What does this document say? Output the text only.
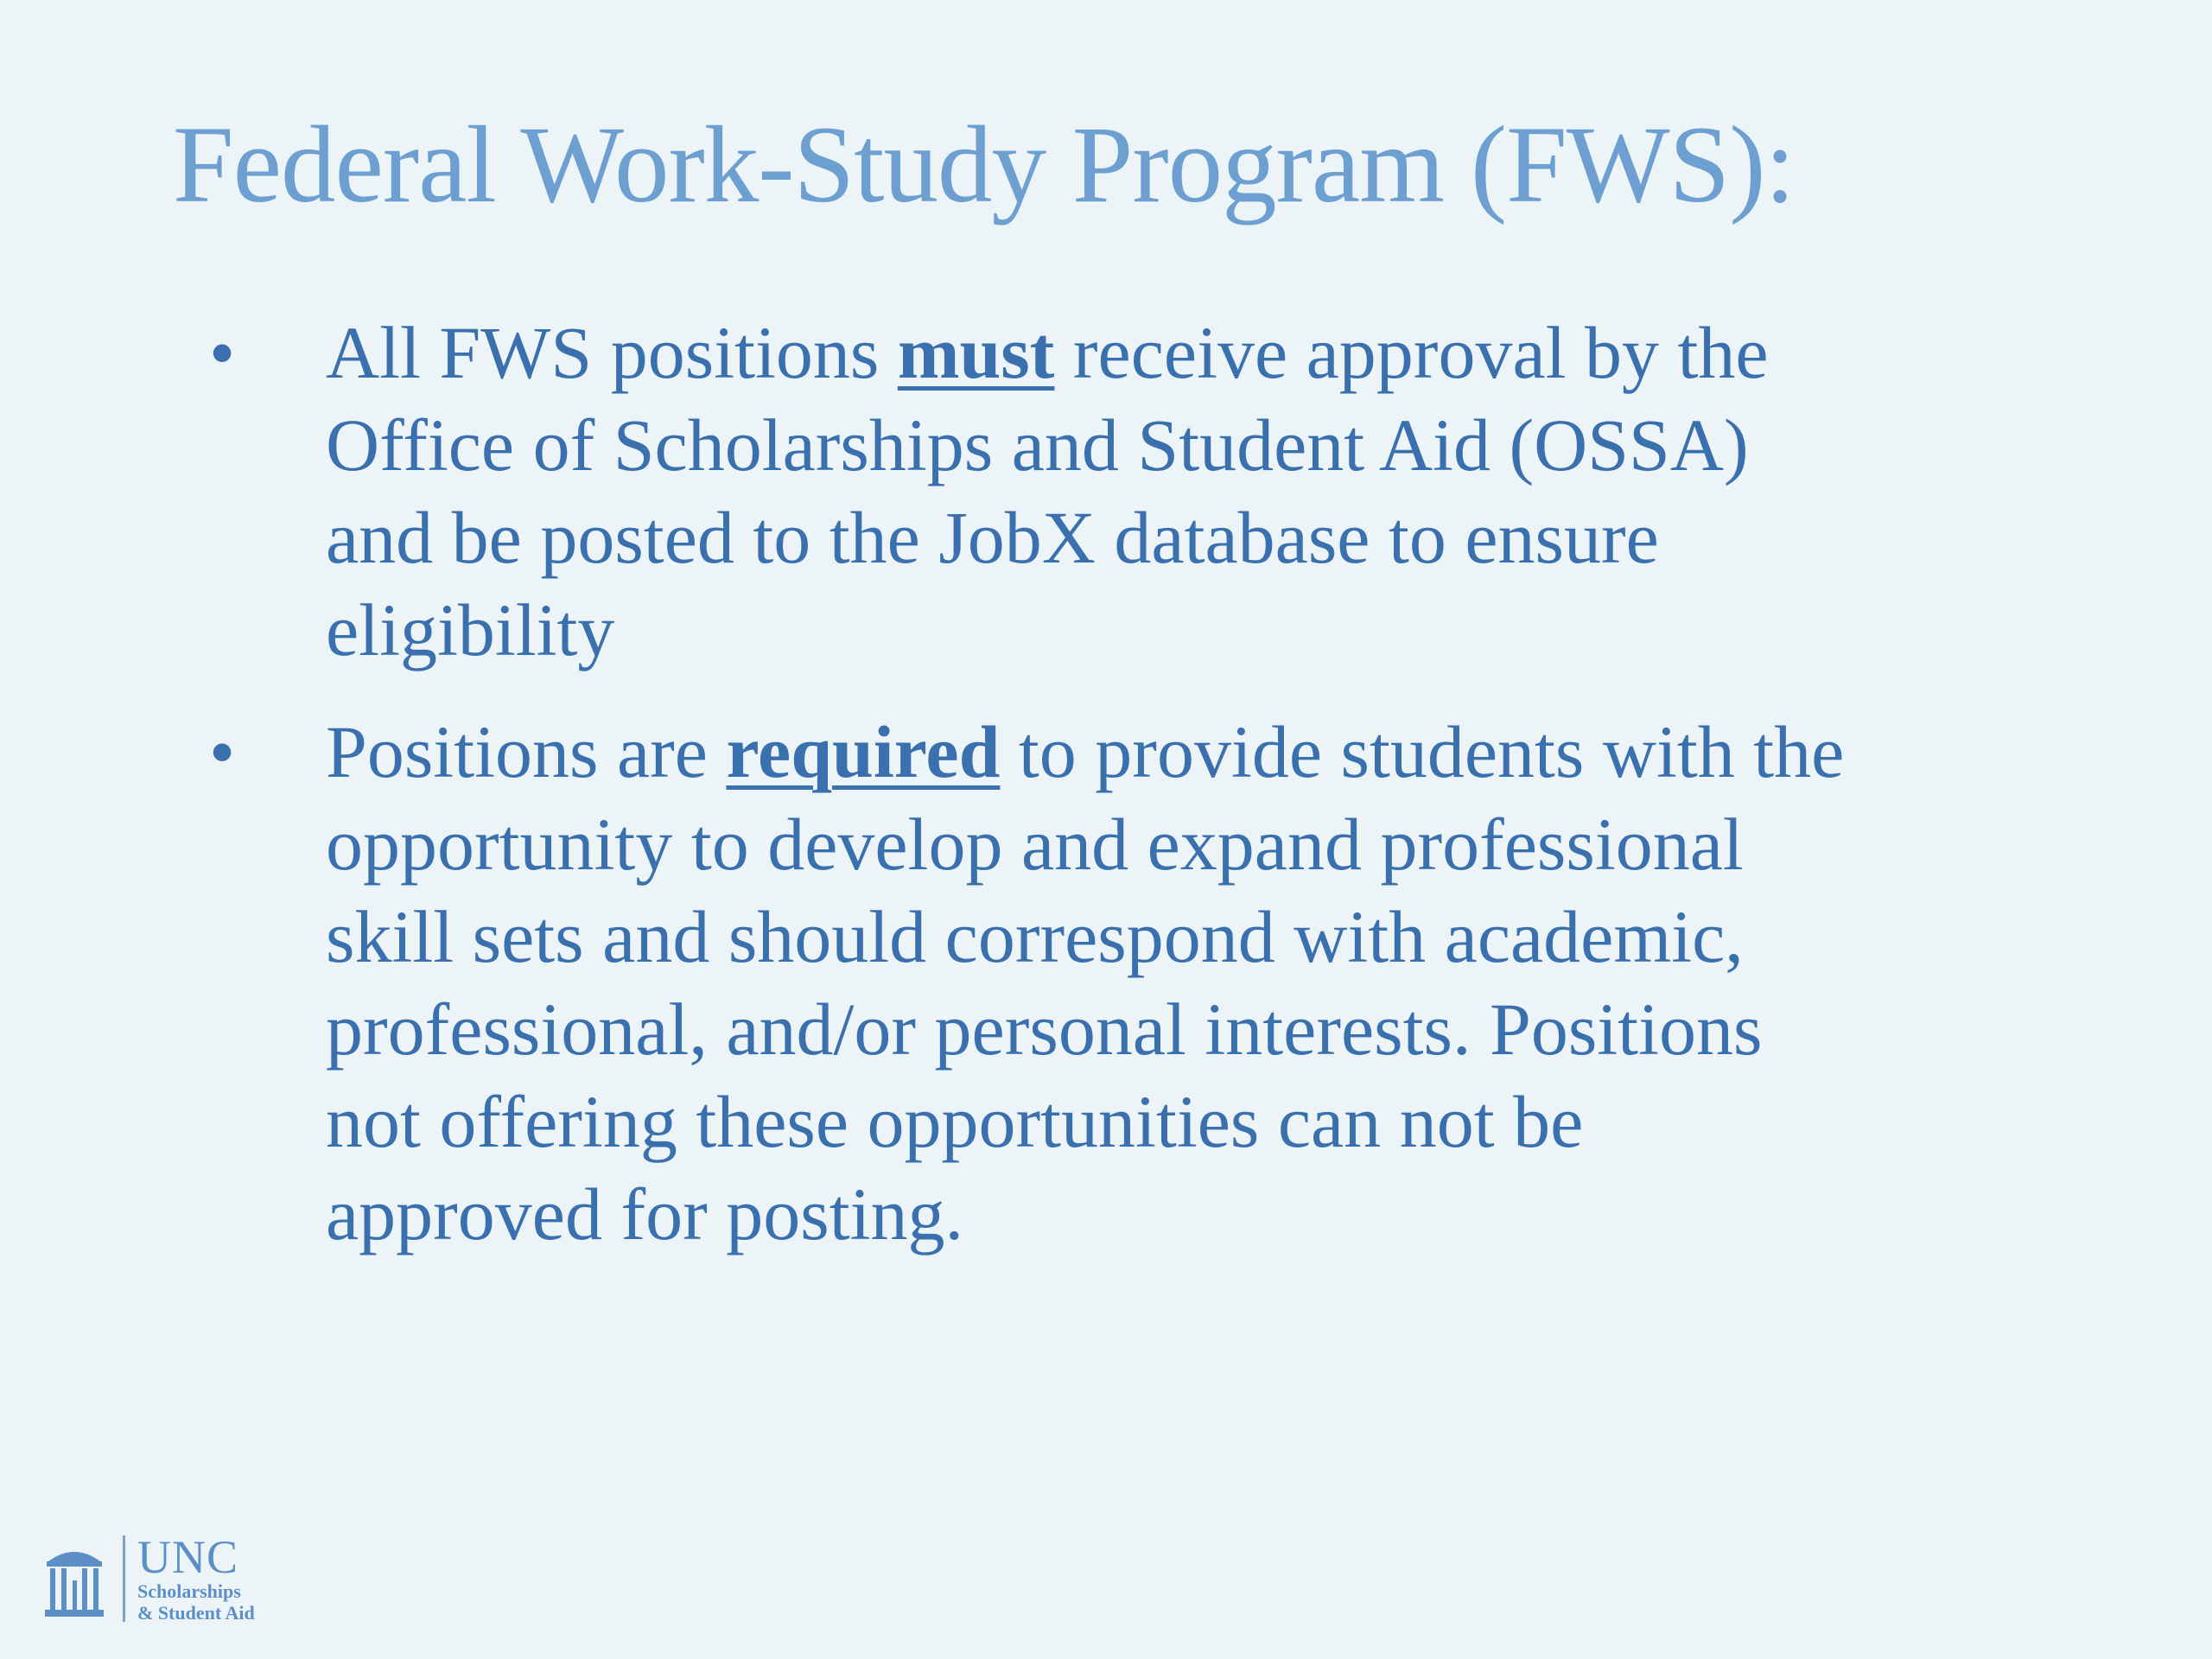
Federal Work-Study Program (FWS):
• All FWS positions must receive approval by the
Office of Scholarships and Student Aid (OSSA)
and be posted to the JobX database to ensure
eligibility
• Positions are required to provide students with the
opportunity to develop and expand professional
skill sets and should correspond with academic,
professional, and/or personal interests. Positions
not offering these opportunities can not be
approved for posting.
UNC
Scholarships
& Student Aid
